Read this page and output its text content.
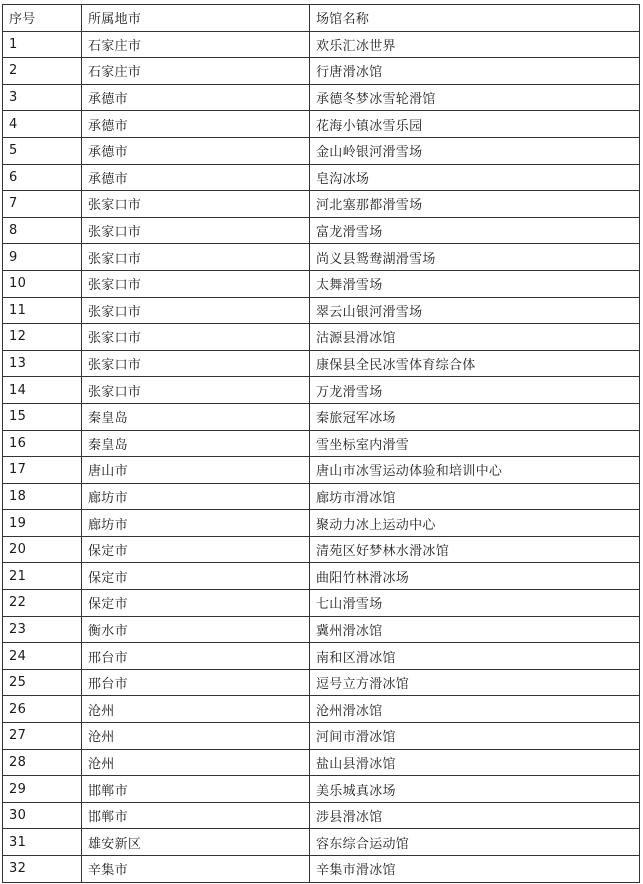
序号	所属地市	场馆名称
1	石家庄市	欢乐汇冰世界
2	石家庄市	行唐滑冰馆
3	承德市	承德冬梦冰雪轮滑馆
4	承德市	花海小镇冰雪乐园
5	承德市	金山岭银河滑雪场
6	承德市	皂沟冰场
7	张家口市	河北塞那都滑雪场
8	张家口市	富龙滑雪场
9	张家口市	尚义县鸳鸯湖滑雪场
10	张家口市	太舞滑雪场
11	张家口市	翠云山银河滑雪场
12	张家口市	沽源县滑冰馆
13	张家口市	康保县全民冰雪体育综合体
14	张家口市	万龙滑雪场
15	秦皇岛	秦旅冠军冰场
16	秦皇岛	雪坐标室内滑雪
17	唐山市	唐山市冰雪运动体验和培训中心
18	廊坊市	廊坊市滑冰馆
19	廊坊市	聚动力冰上运动中心
20	保定市	清苑区好梦林水滑冰馆
21	保定市	曲阳竹林滑冰场
22	保定市	七山滑雪场
23	衡水市	冀州滑冰馆
24	邢台市	南和区滑冰馆
25	邢台市	逗号立方滑冰馆
26	沧州	沧州滑冰馆
27	沧州	河间市滑冰馆
28	沧州	盐山县滑冰馆
29	邯郸市	美乐城真冰场
30	邯郸市	涉县滑冰馆
31	雄安新区	容东综合运动馆
32	辛集市	辛集市滑冰馆
